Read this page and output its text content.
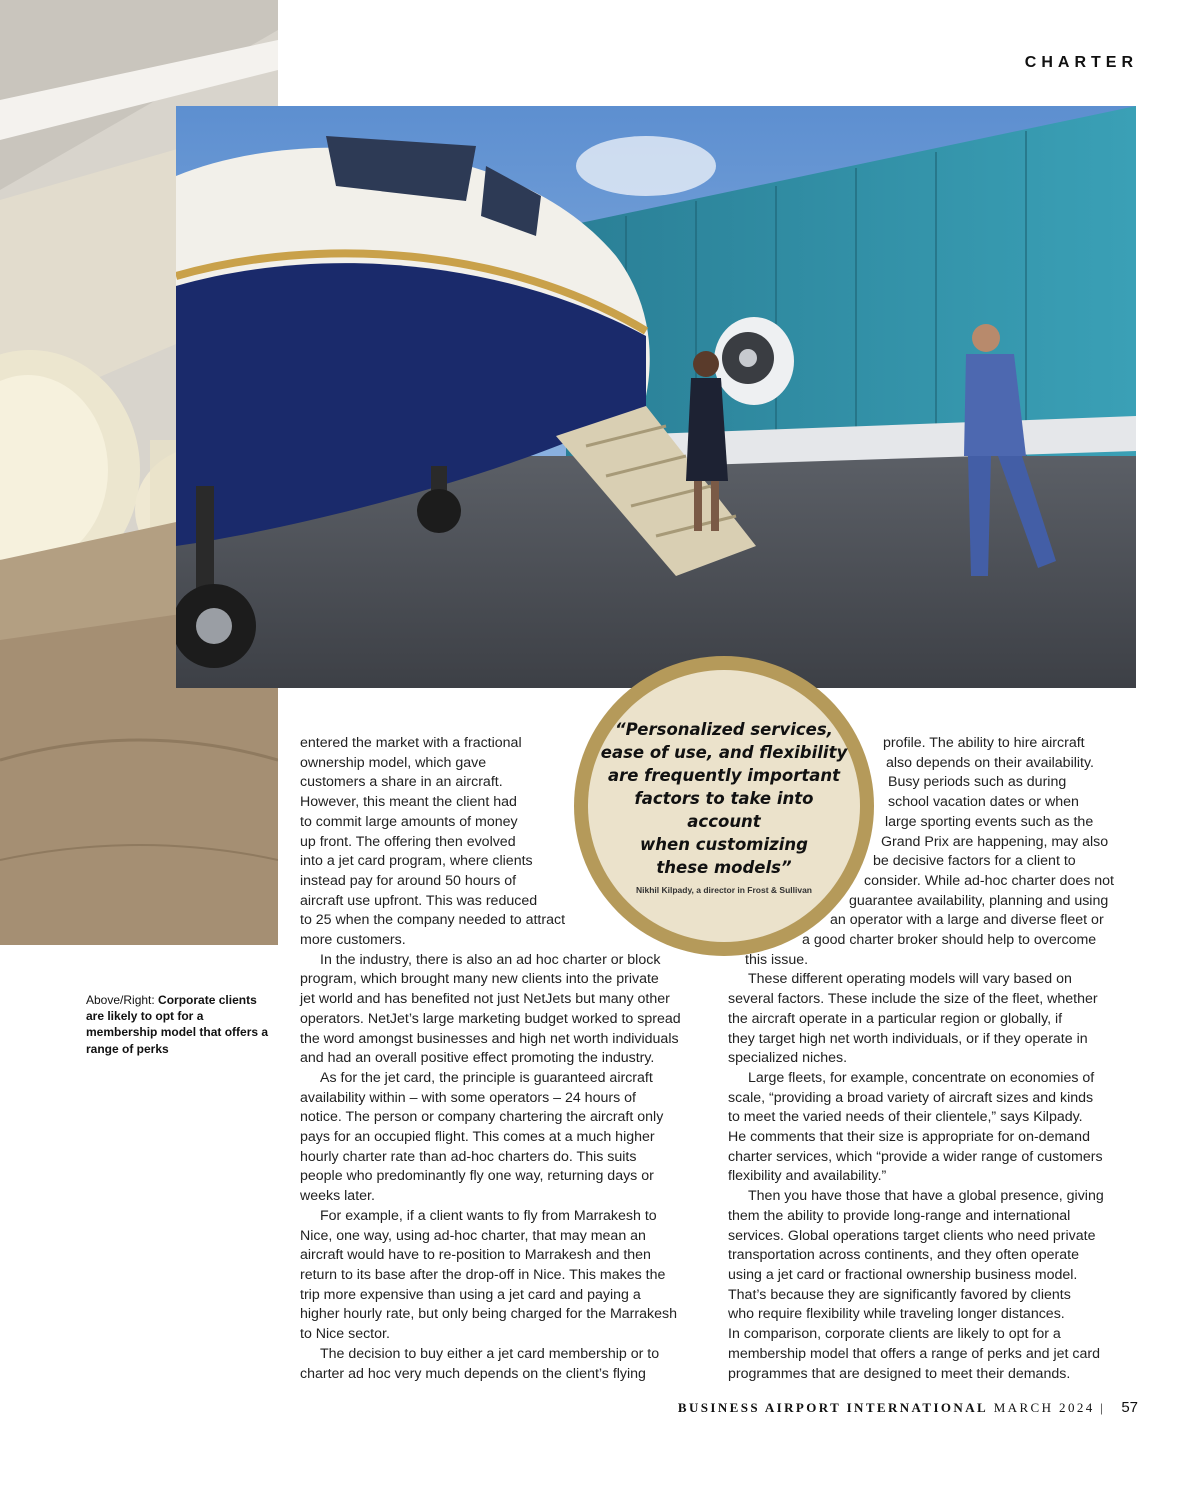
CHARTER

“Personalized services,
ease of use, and flexibility
are frequently important
factors to take into account
when customizing
these models”

Nikhil Kilpady, a director in Frost & Sullivan
Above/Right: Corporate clients are likely to opt for a membership model that offers a range of perks
entered the market with a fractional
ownership model, which gave
customers a share in an aircraft.
However, this meant the client had
to commit large amounts of money
up front. The offering then evolved
into a jet card program, where clients
instead pay for around 50 hours of
aircraft use upfront. This was reduced
to 25 when the company needed to attract
more customers.
In the industry, there is also an ad hoc charter or block
program, which brought many new clients into the private
jet world and has benefited not just NetJets but many other
operators. NetJet’s large marketing budget worked to spread
the word amongst businesses and high net worth individuals
and had an overall positive effect promoting the industry.
As for the jet card, the principle is guaranteed aircraft
availability within – with some operators – 24 hours of
notice. The person or company chartering the aircraft only
pays for an occupied flight. This comes at a much higher
hourly charter rate than ad-hoc charters do. This suits
people who predominantly fly one way, returning days or
weeks later.
For example, if a client wants to fly from Marrakesh to
Nice, one way, using ad-hoc charter, that may mean an
aircraft would have to re-position to Marrakesh and then
return to its base after the drop-off in Nice. This makes the
trip more expensive than using a jet card and paying a
higher hourly rate, but only being charged for the Marrakesh
to Nice sector.
The decision to buy either a jet card membership or to
charter ad hoc very much depends on the client’s flying
profile. The ability to hire aircraft
also depends on their availability.
Busy periods such as during
school vacation dates or when
large sporting events such as the
Grand Prix are happening, may also
be decisive factors for a client to
consider. While ad-hoc charter does not
guarantee availability, planning and using
an operator with a large and diverse fleet or
a good charter broker should help to overcome
this issue.
These different operating models will vary based on
several factors. These include the size of the fleet, whether
the aircraft operate in a particular region or globally, if
they target high net worth individuals, or if they operate in
specialized niches.
Large fleets, for example, concentrate on economies of
scale, “providing a broad variety of aircraft sizes and kinds
to meet the varied needs of their clientele,” says Kilpady.
He comments that their size is appropriate for on-demand
charter services, which “provide a wider range of customers
flexibility and availability.”
Then you have those that have a global presence, giving
them the ability to provide long-range and international
services. Global operations target clients who need private
transportation across continents, and they often operate
using a jet card or fractional ownership business model.
That’s because they are significantly favored by clients
who require flexibility while traveling longer distances.
In comparison, corporate clients are likely to opt for a
membership model that offers a range of perks and jet card
programmes that are designed to meet their demands.
BUSINESS AIRPORT INTERNATIONAL MARCH 2024 | 57
